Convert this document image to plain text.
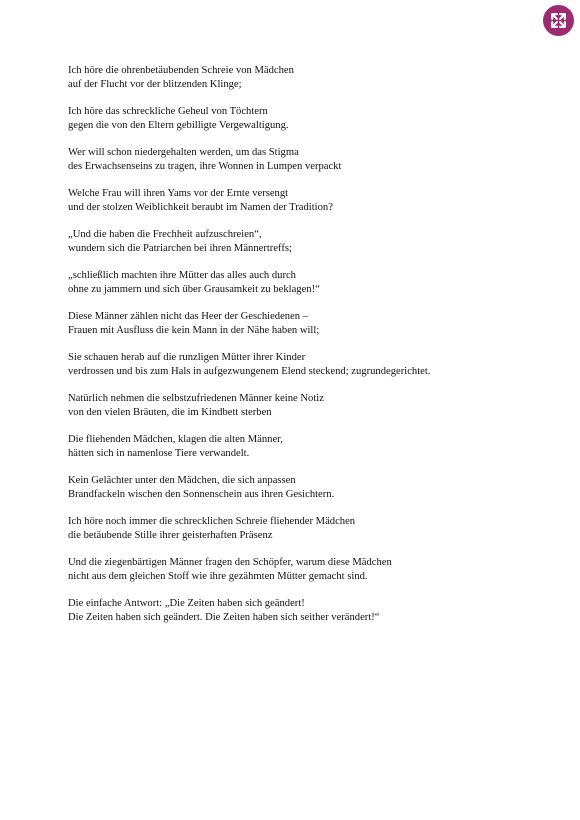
Ich höre die ohrenbetäubenden Schreie von Mädchen
auf der Flucht vor der blitzenden Klinge;
Ich höre das schreckliche Geheul von Töchtern
gegen die von den Eltern gebilligte Vergewaltigung.
Wer will schon niedergehalten werden, um das Stigma
des Erwachsenseins zu tragen, ihre Wonnen in Lumpen verpackt
Welche Frau will ihren Yams vor der Ernte versengt
und der stolzen Weiblichkeit beraubt im Namen der Tradition?
„Und die haben die Frechheit aufzuschreien“,
wundern sich die Patriarchen bei ihren Männertreffs;
„schließlich machten ihre Mütter das alles auch durch
ohne zu jammern und sich über Grausamkeit zu beklagen!“
Diese Männer zählen nicht das Heer der Geschiedenen –
Frauen mit Ausfluss die kein Mann in der Nähe haben will;
Sie schauen herab auf die runzligen Mütter ihrer Kinder
verdrossen und bis zum Hals in aufgezwungenem Elend steckend; zugrundegerichtet.
Natürlich nehmen die selbstzufriedenen Männer keine Notiz
von den vielen Bräuten, die im Kindbett sterben
Die fliehenden Mädchen, klagen die alten Männer,
hätten sich in namenlose Tiere verwandelt.
Kein Gelächter unter den Mädchen, die sich anpassen
Brandfackeln wischen den Sonnenschein aus ihren Gesichtern.
Ich höre noch immer die schrecklichen Schreie fliehender Mädchen
die betäubende Stille ihrer geisterhaften Präsenz
Und die ziegenbärtigen Männer fragen den Schöpfer, warum diese Mädchen
nicht aus dem gleichen Stoff wie ihre gezähmten Mütter gemacht sind.
Die einfache Antwort: „Die Zeiten haben sich geändert!
Die Zeiten haben sich geändert. Die Zeiten haben sich seither verändert!“
